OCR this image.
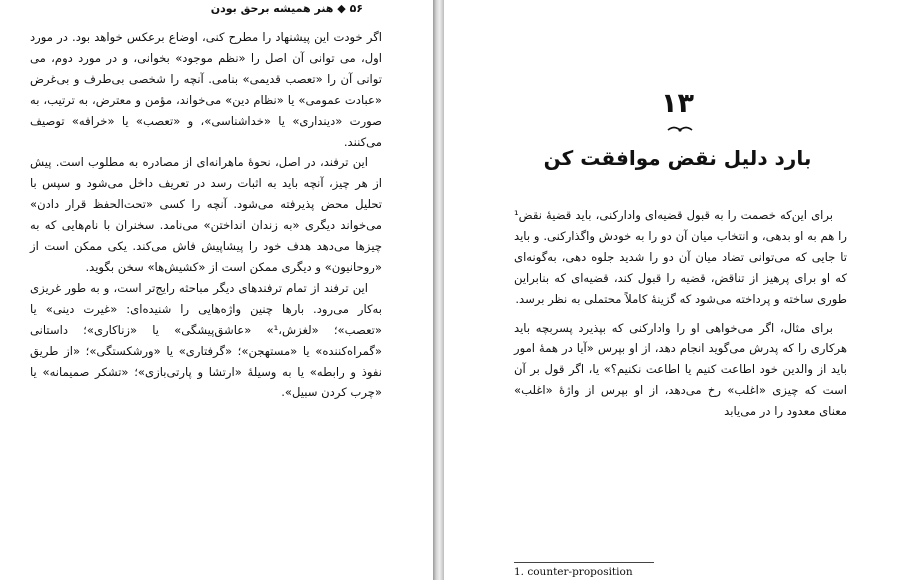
۵۶ ◆ هنر همیشه برحق بودن

اگر خودت این پیشنهاد را مطرح کنی، اوضاع برعکس خواهد بود. در مورد اول، می توانی آن اصل را «نظم موجود» بخوانی، و در مورد دوم، می توانی آن را «تعصب قدیمی» بنامی. آنچه را شخصی بی‌طرف و بی‌غرض «عبادت عمومی» یا «نظام دین» می‌خواند، مؤمن و معترض، به ترتیب، به صورت «دینداری» یا «خداشناسی»، و «تعصب» یا «خرافه» توصیف می‌کنند.

این ترفند، در اصل، نحوهٔ ماهرانه‌ای از مصادره به مطلوب است. پیش از هر چیز، آنچه باید به اثبات رسد در تعریف داخل می‌شود و سپس با تحلیل محض پذیرفته می‌شود. آنچه را کسی «تحت‌الحفظ قرار دادن» می‌خواند دیگری «به زندان انداختن» می‌نامد. سخنران با نام‌هایی که به چیزها می‌دهد هدف خود را پیشاپیش فاش می‌کند. یکی ممکن است از «روحانیون» و دیگری ممکن است از «کشیش‌ها» سخن بگوید.

این ترفند از تمام ترفندهای دیگر مباحثه رایج‌تر است، و به طور غریزی به‌کار می‌رود. بارها چنین واژه‌هایی را شنیده‌ای: «غیرت دینی» یا «تعصب»؛ «لغزش،¹» «عاشق‌پیشگی» یا «زناکاری»؛ داستانی «گمراه‌کننده» یا «مستهجن»؛ «گرفتاری» یا «ورشکستگی»؛ «از طریق نفوذ و رابطه» یا به وسیلهٔ «ارتشا و پارتی‌بازی»؛ «تشکر صمیمانه» یا «چرب کردن سبیل».

۱۳
بارد دلیل نقض موافقت کن

برای این‌که خصمت را به قبول قضیه‌ای وادارکنی، باید قضیهٔ نقض¹ را هم به او بدهی، و انتخاب میان آن دو را به خودش واگذارکنی. و باید تا جایی که می‌توانی تضاد میان آن دو را شدید جلوه دهی، به‌گونه‌ای که او برای پرهیز از تناقض، قضیه را قبول کند، قضیه‌ای که بنابراین طوری ساخته و پرداخته می‌شود که گزینهٔ کاملاً محتملی به نظر برسد.

برای مثال، اگر می‌خواهی او را وادارکنی که بپذیرد پسربچه باید هرکاری را که پدرش می‌گوید انجام دهد، از او بپرس «آیا در همهٔ امور باید از والدین خود اطاعت کنیم یا اطاعت نکنیم؟» یا، اگر قول بر آن است که چیزی «اغلب» رخ می‌دهد، از او بپرس از واژهٔ «اغلب» معنای معدود را در می‌یابد

1. counter-proposition
